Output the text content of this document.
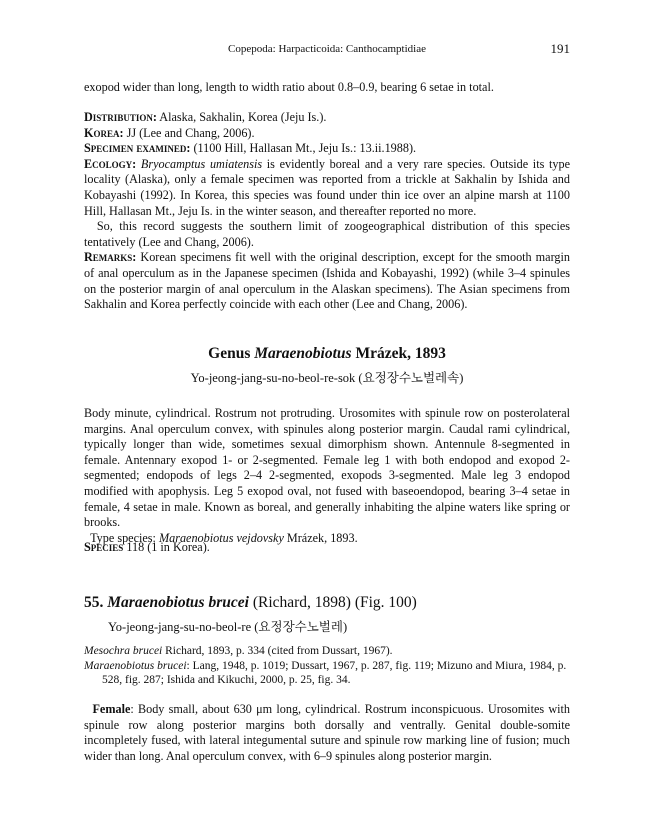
Copepoda: Harpacticoida: Canthocamptidiae	191

exopod wider than long, length to width ratio about 0.8–0.9, bearing 6 setae in total.

Distribution: Alaska, Sakhalin, Korea (Jeju Is.).

Korea: JJ (Lee and Chang, 2006).

Specimen examined: (1100 Hill, Hallasan Mt., Jeju Is.: 13.ii.1988).

Ecology: Bryocamptus umiatensis is evidently boreal and a very rare species. Outside its type locality (Alaska), only a female specimen was reported from a trickle at Sakhalin by Ishida and Kobayashi (1992). In Korea, this species was found under thin ice over an alpine marsh at 1100 Hill, Hallasan Mt., Jeju Is. in the winter season, and thereafter reported no more.

So, this record suggests the southern limit of zoogeographical distribution of this species tentatively (Lee and Chang, 2006).

Remarks: Korean specimens fit well with the original description, except for the smooth margin of anal operculum as in the Japanese specimen (Ishida and Kobayashi, 1992) (while 3–4 spinules on the posterior margin of anal operculum in the Alaskan specimens). The Asian specimens from Sakhalin and Korea perfectly coincide with each other (Lee and Chang, 2006).

Genus Maraenobiotus Mrázek, 1893
Yo-jeong-jang-su-no-beol-re-sok (요정장수노벌레속)

Body minute, cylindrical. Rostrum not protruding. Urosomites with spinule row on posterolateral margins. Anal operculum convex, with spinules along posterior margin. Caudal rami cylindrical, typically longer than wide, sometimes sexual dimorphism shown. Antennule 8-segmented in female. Antennary exopod 1- or 2-segmented. Female leg 1 with both endopod and exopod 2-segmented; endopods of legs 2–4 2-segmented, exopods 3-segmented. Male leg 3 endopod modified with apophysis. Leg 5 exopod oval, not fused with baseoendopod, bearing 3–4 setae in female, 4 setae in male. Known as boreal, and generally inhabiting the alpine waters like spring or brooks.

Type species: Maraenobiotus vejdovsky Mrázek, 1893.

Species 118 (1 in Korea).

55. Maraenobiotus brucei (Richard, 1898) (Fig. 100)
Yo-jeong-jang-su-no-beol-re (요정장수노벌레)

Mesochra brucei Richard, 1893, p. 334 (cited from Dussart, 1967).

Maraenobiotus brucei: Lang, 1948, p. 1019; Dussart, 1967, p. 287, fig. 119; Mizuno and Miura, 1984, p. 528, fig. 287; Ishida and Kikuchi, 2000, p. 25, fig. 34.

Female: Body small, about 630 μm long, cylindrical. Rostrum inconspicuous. Urosomites with spinule row along posterior margins both dorsally and ventrally. Genital double-somite incompletely fused, with lateral integumental suture and spinule row marking line of fusion; much wider than long. Anal operculum convex, with 6–9 spinules along posterior margin.
